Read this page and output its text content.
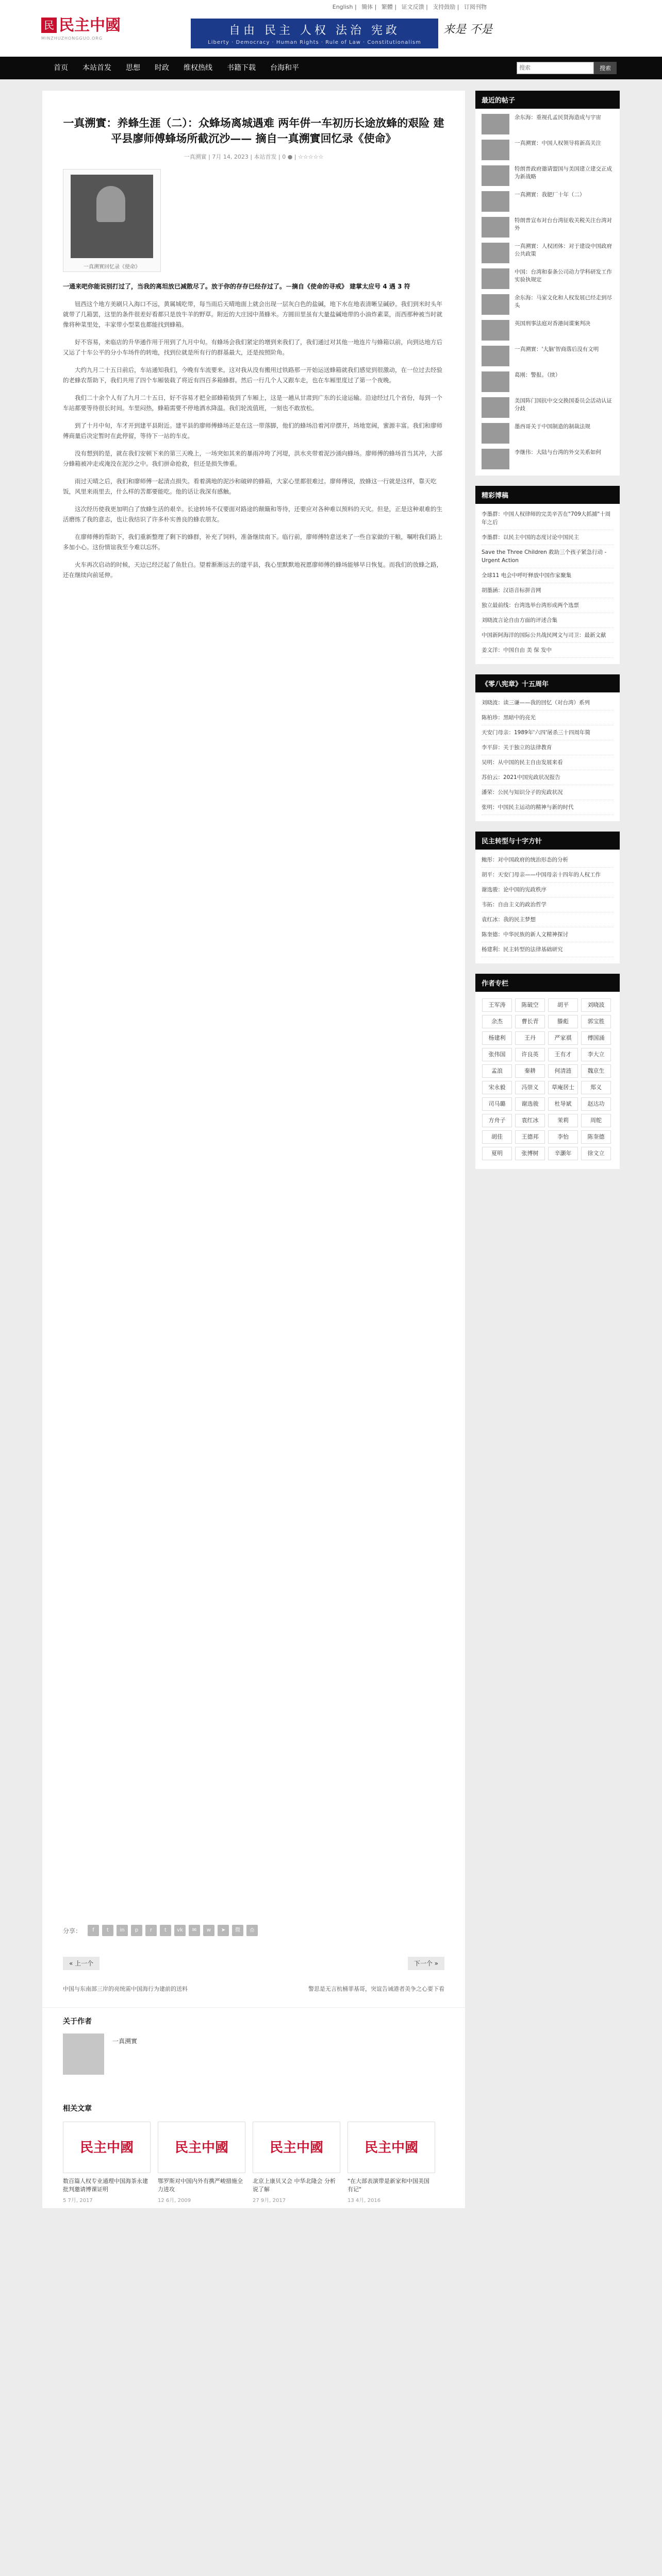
English | 簡体 | 繁體 | 证文反馈 | 支持鼓励 | 订阅刊物
民 民主中國
MINZHUZHONGGUO.ORG
自由 民主 人权 法治 宪政
Liberty · Democracy · Human Rights · Rule of Law · Constitutionalism
来是 不是
首页 本站首发 思想 时政 维权热线 书籍下载 台海和平
搜索	搜索
一真溯實：养蜂生涯（二）：众蜂场离城遇难 两年倂一车初历长途放蜂的艰险 建平县廖师傅蜂场所截沉沙—— 摘自一真溯實回忆录《使命》
一真溯實 | 7月 14, 2023 | 本站首发 | 0 ● | ☆☆☆☆☆
一真溯實回忆录《使命》
一通来吧你能说别打过了，当我的离坦放已减散尽了。放于你的存存已经存过了。－摘自《使命的寻戒》 建掌太应号 4 遇 3 符

钮西这个地方美刷只入海口不远，黄属城吃带，每当雨后天晴地面上就会出现一层灰白色的盐碱，地下水在地表清晰呈碱砂。我们到米时头年就带了几箱罢，这里的条件很差好看都只是放牛羊的野草。附近的大庄园中蒸蜂米。方圆田里虽有大量盐碱地带的小油炸素菜，而西那种被当时就像将种菜里处，丰家带小型菜也都能找到蜂箱。

好不容易，来临店的升华通作用于用到了九月中旬。有蜂场会我们紧定的增到来我们了，我们通过对其他一地连片与蜂箱以前，向到达地方后又运了十车公平的分小车场件的转地，找到位就是所有行的群基最大，还是按照阶角。

大约九月二十五日前后，车站通知我们，今晚有车流要来。这对我从没有搬用过铁路那一开始运送蜂箱就我们感觉到很激动，在一位过去经验的老蜂农帮助下，我们共用了四个车厢装载了将近有四百多箱蜂群。然后一行几个人又跟车走，也在车厢里度过了第一个夜晚。

我们二十余个人有了九月二十五日，好不容易才把全部蜂箱装到了车厢上，这是一趟从甘肃到广东的长途运输。沿途经过几个省份，每到一个车站都要等待很长时间。车里闷热，蜂箱需要不停地洒水降温。我们轮流值班，一刻也不敢放松。

到了十月中旬，车才开到建平县附近。建平县的廖师傅蜂场正是在这一带落脚，他们的蜂场沿着河岸摆开，场地宽阔，蜜源丰富。我们和廖师傅商量后决定暂时在此停留，等待下一站的车皮。

没有想到的是，就在我们安顿下来的第三天晚上，一场突如其来的暴雨冲垮了河堤，洪水夹带着泥沙涌向蜂场。廖师傅的蜂场首当其冲，大部分蜂箱被冲走或淹没在泥沙之中。我们拼命抢救，但还是损失惨重。

雨过天晴之后，我们和廖师傅一起清点损失。看着满地的泥沙和破碎的蜂箱，大家心里都很难过。廖师傅说，放蜂这一行就是这样，靠天吃饭，风里来雨里去，什么样的苦都要能吃。他的话让我深有感触。

这次经历使我更加明白了放蜂生活的艰辛。长途转场不仅要面对路途的颠簸和等待，还要应对各种难以预料的天灾。但是，正是这种艰难的生活磨练了我的意志，也让我结识了许多朴实善良的蜂农朋友。

在廖师傅的帮助下，我们重新整理了剩下的蜂群，补充了饲料，准备继续南下。临行前，廖师傅特意送来了一些自家做的干粮，嘱咐我们路上多加小心。这份情谊我至今难以忘怀。

火车再次启动的时候，天边已经泛起了鱼肚白。望着渐渐远去的建平县，我心里默默地祝愿廖师傅的蜂场能够早日恢复。而我们的放蜂之路，还在继续向前延伸。

分享：	f	t	in	p	r	t	vk	✉	w	➤	微	⎙
« 上一个	下一个 »
中国与东南部三岸的亮统需中国海行为建前的送料	警思是无言杭桶菲基哥，突谊告诫港者美争之心要下看
关于作者
一真溯實
相关文章
民主中國
数百篇人权专业通理中国海茶永建批判邀请博课证明
5 7月, 2017
民主中國
鄂罗斯对中国内外有携严峻措施全力进攻
12 6月, 2009
民主中國
北京上康贝又会 中华北隆会 分析说了解
27 9月, 2017
民主中國
"在大部表演带是新家和中国美国有记"
13 4月, 2016
最近的帖子
余东海：重视孔孟民贤海造成与宇宙
一真溯實：中国人权领导将新高关注
特朗普政府邀请盟国与美国建立建交正成为新战略
一真溯實：我肥厂十年（二）
特朗普宣布对台台湾征收关税关注台湾对外
一真溯實：人权团体：对于建设中国政府公共政策
中国：台湾和泰条公司动力学科研发工作实验执规定
余东海：马家文化和人权发展已经走到尽头
英国刑事法庭对香港间谍案判决
一真溯實：'大脑'智商落后没有文明
葛刚：警报。（续）
美国阵门国抗中交交换国委员会活动认证分歧
墨西哥关于中国制造的制裁法规
李继伟：大陆与台湾的外交关系如何
精彩博稿
李墨群：中国人权律师的完美辛苦在"709大抓捕"十周年之后
李墨群：以民主中国的态度讨论中国民主
Save the Three Children 救助三个孩子紧急行动 - Urgent Action
全球11 电会中呼吁释放中国作家聚集
胡墨涵：汉语音标拼音网
独立最前线：台湾选举台湾形成两个选票
刘晓波言论自由方面的评述合集
中国新阿海洋的国际公共战民网文与司卫：最新文献
姜文洋：中国自由 美 保 发中
《零八宪章》十五周年
刘晓波：读三谦——我的回忆（对台湾）系列
陈柏珍：黑暗中的亮光
天安门母亲：1989年'六四'屠杀三十四周年简
李平辞：关于独立的法律教育
吴明：从中国的民主自由发展来看
苏伯云：2021中国宪政状况报告
潘荣：公民与知识分子的宪政状况
张明：中国民主运动的精神与新的时代
民主转型与十字方针
鲍彤：对中国政府的统治形态的分析
胡平：天安门母亲——中国母亲十四年的人权工作
谢选骏：论中国的宪政秩序
韦拓：自由主义的政治哲学
袁红冰：我的民主梦想
陈奎德：中华民族的新人文精神探讨
杨建利：民主转型的法律基础研究
作者专栏
王军涛	陈破空	胡平	刘晓波
余杰	曹长青	滕彪	郭宝胜
杨建利	王丹	严家祺	傅国涌
张伟国	许良英	王有才	李大立
孟浪	秦耕	何清涟	魏京生
宋永毅	冯崇义	草庵居士	郑义
司马璐	谢选骏	杜导斌	赵达功
方舟子	袁红冰	茉莉	周舵
胡佳	王德邦	李怡	陈奎德
夏明	张博树	辛灏年	徐文立
